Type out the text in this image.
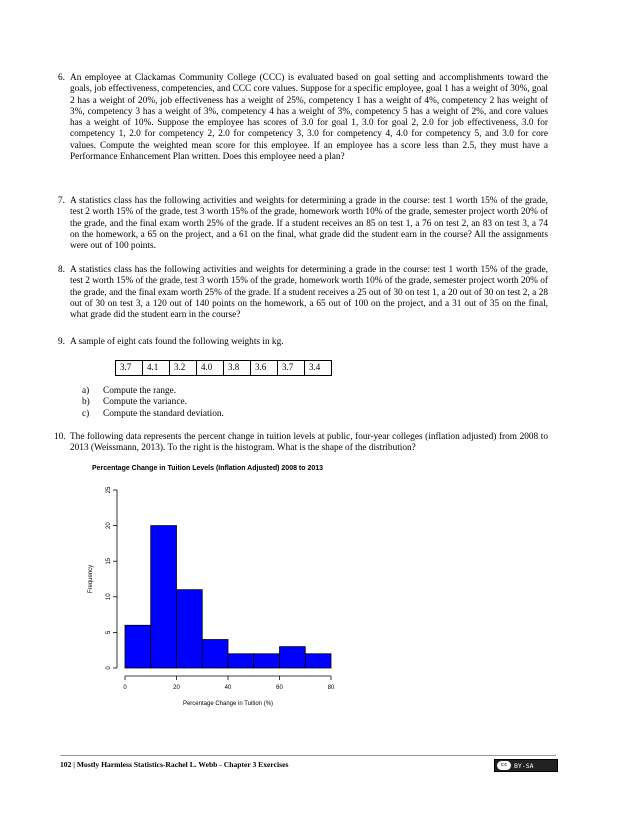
6. An employee at Clackamas Community College (CCC) is evaluated based on goal setting and accomplishments toward the goals, job effectiveness, competencies, and CCC core values. Suppose for a specific employee, goal 1 has a weight of 30%, goal 2 has a weight of 20%, job effectiveness has a weight of 25%, competency 1 has a weight of 4%, competency 2 has weight of 3%, competency 3 has a weight of 3%, competency 4 has a weight of 3%, competency 5 has a weight of 2%, and core values has a weight of 10%. Suppose the employee has scores of 3.0 for goal 1, 3.0 for goal 2, 2.0 for job effectiveness, 3.0 for competency 1, 2.0 for competency 2, 2.0 for competency 3, 3.0 for competency 4, 4.0 for competency 5, and 3.0 for core values. Compute the weighted mean score for this employee. If an employee has a score less than 2.5, they must have a Performance Enhancement Plan written. Does this employee need a plan?
7. A statistics class has the following activities and weights for determining a grade in the course: test 1 worth 15% of the grade, test 2 worth 15% of the grade, test 3 worth 15% of the grade, homework worth 10% of the grade, semester project worth 20% of the grade, and the final exam worth 25% of the grade. If a student receives an 85 on test 1, a 76 on test 2, an 83 on test 3, a 74 on the homework, a 65 on the project, and a 61 on the final, what grade did the student earn in the course? All the assignments were out of 100 points.
8. A statistics class has the following activities and weights for determining a grade in the course: test 1 worth 15% of the grade, test 2 worth 15% of the grade, test 3 worth 15% of the grade, homework worth 10% of the grade, semester project worth 20% of the grade, and the final exam worth 25% of the grade. If a student receives a 25 out of 30 on test 1, a 20 out of 30 on test 2, a 28 out of 30 on test 3, a 120 out of 140 points on the homework, a 65 out of 100 on the project, and a 31 out of 35 on the final, what grade did the student earn in the course?
9. A sample of eight cats found the following weights in kg.
3.7	4.1	3.2	4.0	3.8	3.6	3.7	3.4
a) Compute the range.
b) Compute the variance.
c) Compute the standard deviation.
10. The following data represents the percent change in tuition levels at public, four-year colleges (inflation adjusted) from 2008 to 2013 (Weissmann, 2013). To the right is the histogram. What is the shape of the distribution?
Percentage Change in Tuition Levels (Inflation Adjusted) 2008 to 2013
0	20	40	60	80
0
5
10
15
20
25
Percentage Change in Tuition (%)
Frequency
102 | Mostly Harmless Statistics-Rachel L. Webb - Chapter 3 Exercises	cc	BY-SA
